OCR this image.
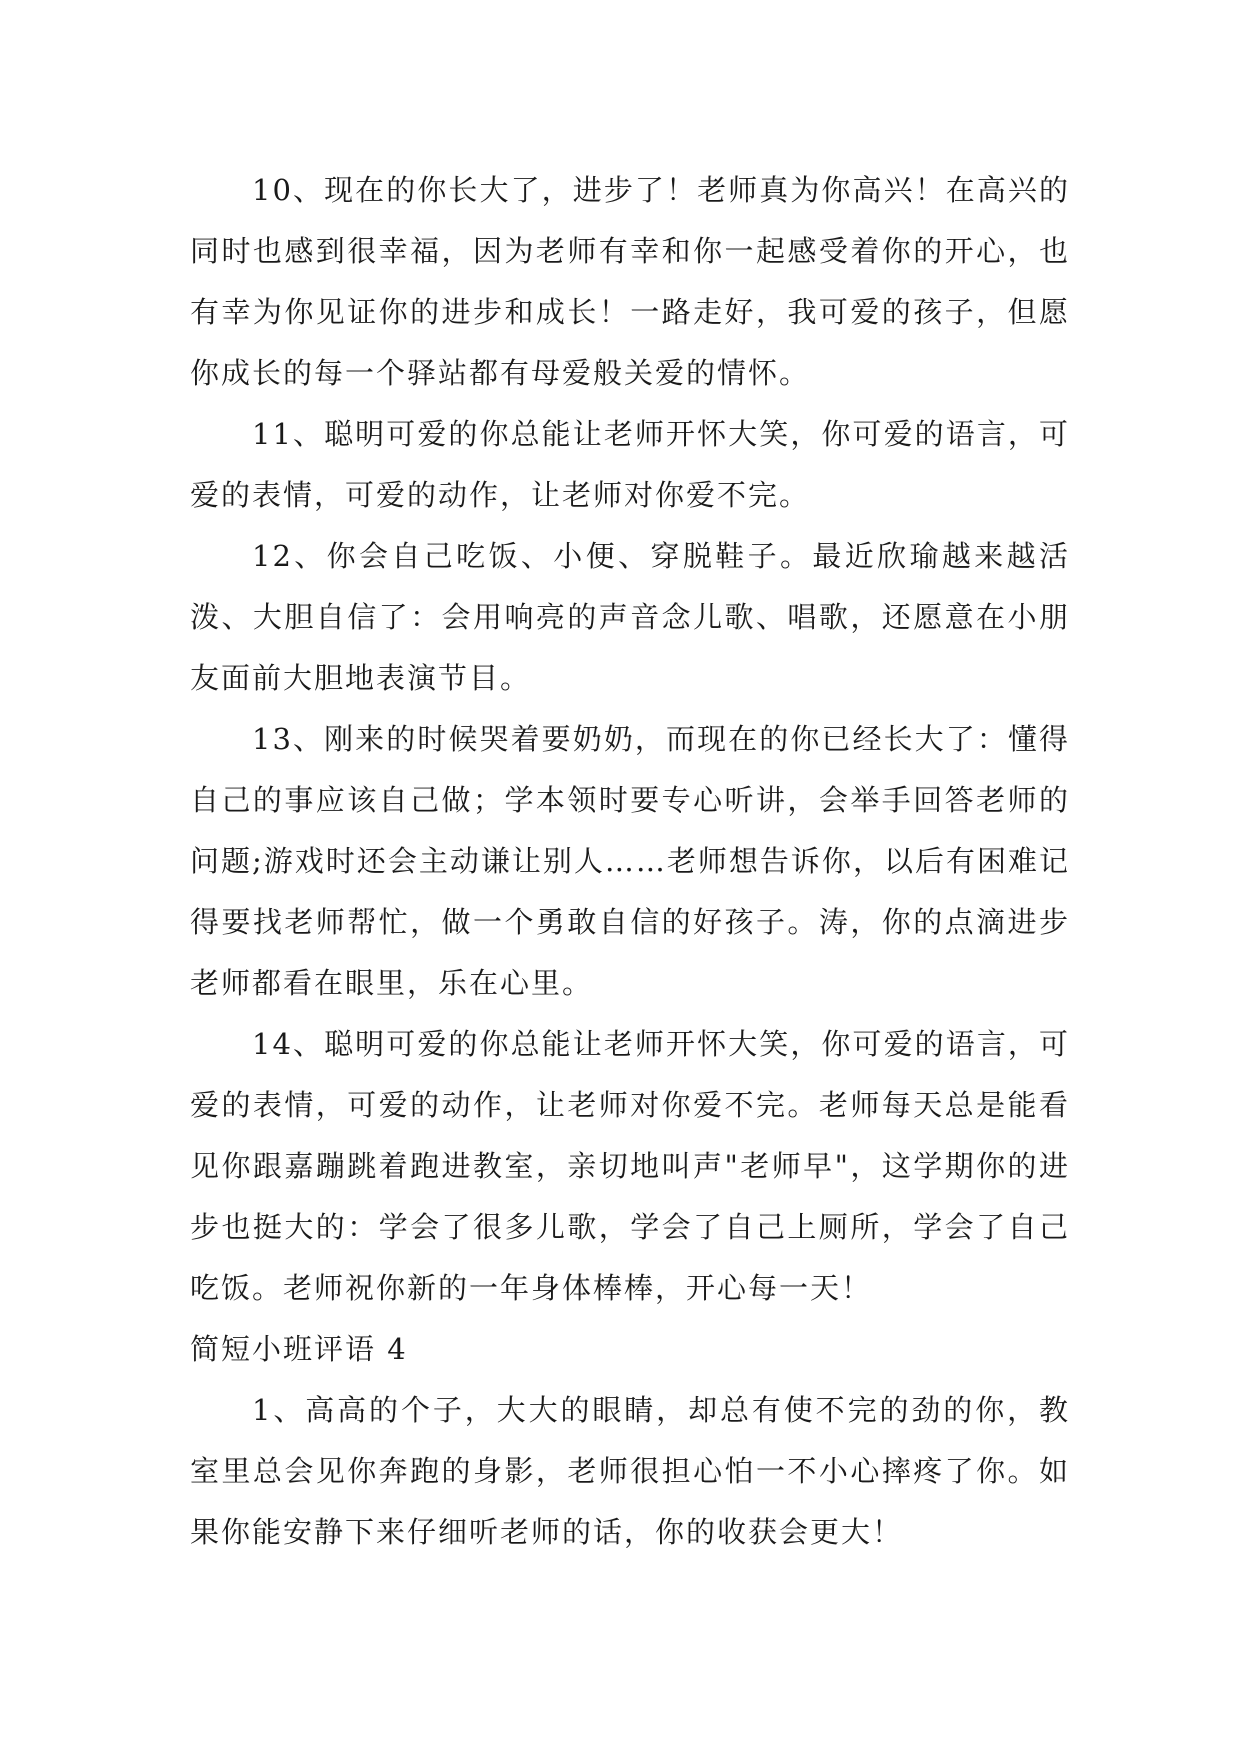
10、现在的你长大了，进步了！老师真为你高兴！在高兴的同时也感到很幸福，因为老师有幸和你一起感受着你的开心，也有幸为你见证你的进步和成长！一路走好，我可爱的孩子，但愿你成长的每一个驿站都有母爱般关爱的情怀。

11、聪明可爱的你总能让老师开怀大笑，你可爱的语言，可爱的表情，可爱的动作，让老师对你爱不完。

12、你会自己吃饭、小便、穿脱鞋子。最近欣瑜越来越活泼、大胆自信了：会用响亮的声音念儿歌、唱歌，还愿意在小朋友面前大胆地表演节目。

13、刚来的时候哭着要奶奶，而现在的你已经长大了：懂得自己的事应该自己做；学本领时要专心听讲，会举手回答老师的问题;游戏时还会主动谦让别人……老师想告诉你，以后有困难记得要找老师帮忙，做一个勇敢自信的好孩子。涛，你的点滴进步老师都看在眼里，乐在心里。

14、聪明可爱的你总能让老师开怀大笑，你可爱的语言，可爱的表情，可爱的动作，让老师对你爱不完。老师每天总是能看见你跟嘉蹦跳着跑进教室，亲切地叫声"老师早"，这学期你的进步也挺大的：学会了很多儿歌，学会了自己上厕所，学会了自己吃饭。老师祝你新的一年身体棒棒，开心每一天！

简短小班评语 4

1、高高的个子，大大的眼睛，却总有使不完的劲的你，教室里总会见你奔跑的身影，老师很担心怕一不小心摔疼了你。如果你能安静下来仔细听老师的话，你的收获会更大！
